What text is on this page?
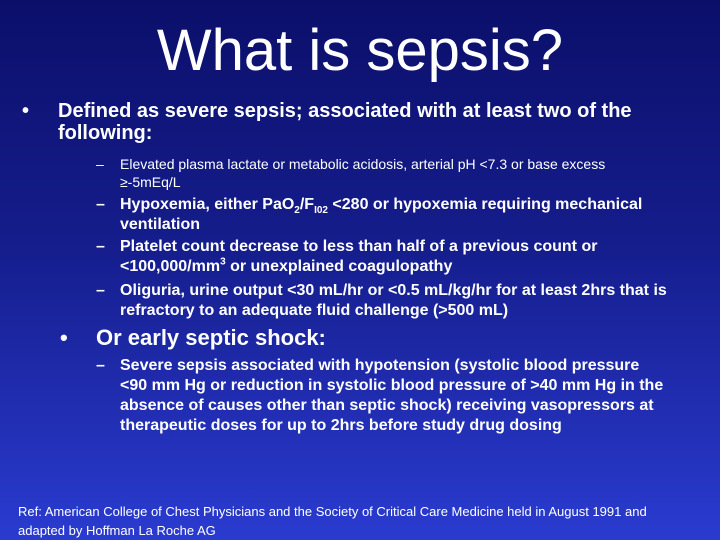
What is sepsis?
• Defined as severe sepsis; associated with at least two of the following:
– Elevated plasma lactate or metabolic acidosis, arterial pH <7.3 or base excess ≥-5mEq/L
– Hypoxemia, either $PaO_2/F_{I02} <280$ or hypoxemia requiring mechanical ventilation
– Platelet count decrease to less than half of a previous count or $<100,000/mm^3$ or unexplained coagulopathy
– Oliguria, urine output <30 mL/hr or <0.5 mL/kg/hr for at least 2hrs that is refractory to an adequate fluid challenge (>500 mL)
• Or early septic shock:
– Severe sepsis associated with hypotension (systolic blood pressure <90 mm Hg or reduction in systolic blood pressure of >40 mm Hg in the absence of causes other than septic shock) receiving vasopressors at therapeutic doses for up to 2hrs before study drug dosing
Ref: American College of Chest Physicians and the Society of Critical Care Medicine held in August 1991 and adapted by Hoffman La Roche AG
